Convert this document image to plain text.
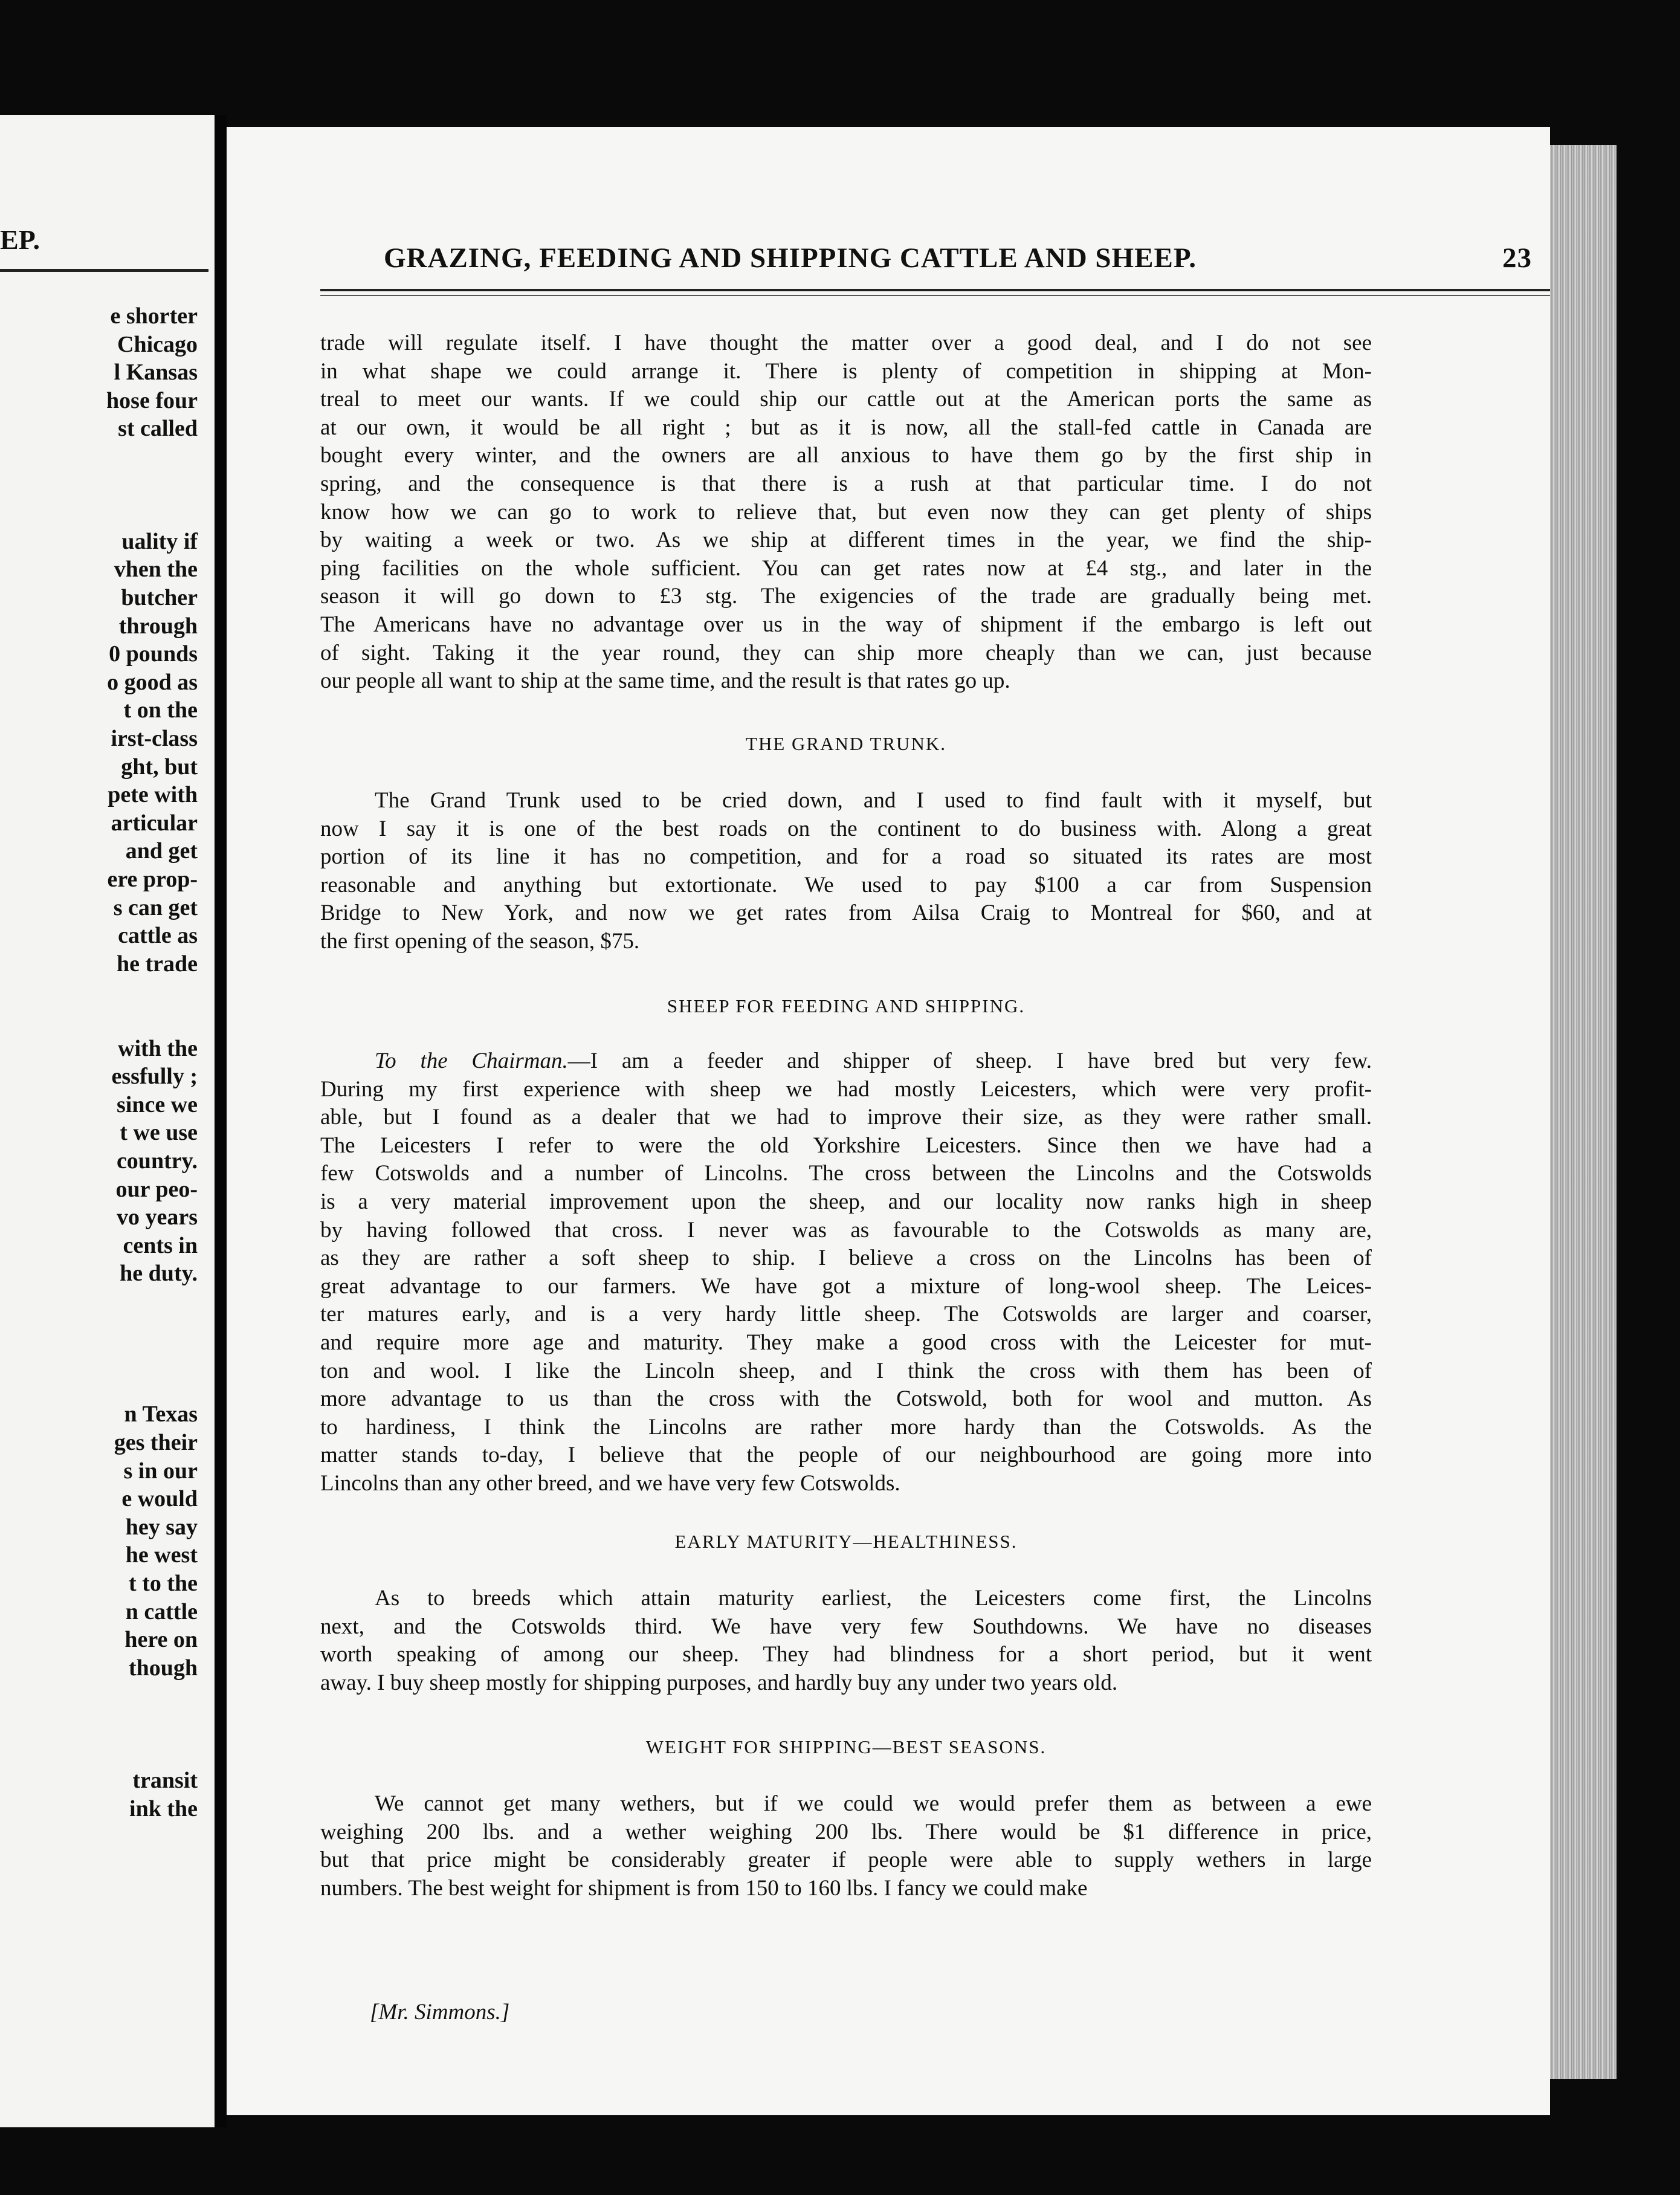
EP.
e shorter
Chicago
l Kansas
hose four
st called
uality if
vhen the
butcher
through
0 pounds
o good as
t on the
irst-class
ght, but
pete with
articular
and get
ere prop-
s can get
cattle as
he trade
with the
essfully ;
since we
t we use
country.
our peo-
vo years
cents in
he duty.
n Texas
ges their
s in our
e would
hey say
he west
t to the
n cattle
here on
though
transit
ink the
GRAZING, FEEDING AND SHIPPING CATTLE AND SHEEP.	23
trade will regulate itself. I have thought the matter over a good deal, and I do not see
in what shape we could arrange it. There is plenty of competition in shipping at Mon-
treal to meet our wants. If we could ship our cattle out at the American ports the same as
at our own, it would be all right ; but as it is now, all the stall-fed cattle in Canada are
bought every winter, and the owners are all anxious to have them go by the first ship in
spring, and the consequence is that there is a rush at that particular time. I do not
know how we can go to work to relieve that, but even now they can get plenty of ships
by waiting a week or two. As we ship at different times in the year, we find the ship-
ping facilities on the whole sufficient. You can get rates now at £4 stg., and later in the
season it will go down to £3 stg. The exigencies of the trade are gradually being met.
The Americans have no advantage over us in the way of shipment if the embargo is left out
of sight. Taking it the year round, they can ship more cheaply than we can, just because
our people all want to ship at the same time, and the result is that rates go up.
THE GRAND TRUNK.
The Grand Trunk used to be cried down, and I used to find fault with it myself, but
now I say it is one of the best roads on the continent to do business with. Along a great
portion of its line it has no competition, and for a road so situated its rates are most
reasonable and anything but extortionate. We used to pay $100 a car from Suspension
Bridge to New York, and now we get rates from Ailsa Craig to Montreal for $60, and at
the first opening of the season, $75.
SHEEP FOR FEEDING AND SHIPPING.
To the Chairman.—I am a feeder and shipper of sheep. I have bred but very few.
During my first experience with sheep we had mostly Leicesters, which were very profit-
able, but I found as a dealer that we had to improve their size, as they were rather small.
The Leicesters I refer to were the old Yorkshire Leicesters. Since then we have had a
few Cotswolds and a number of Lincolns. The cross between the Lincolns and the Cotswolds
is a very material improvement upon the sheep, and our locality now ranks high in sheep
by having followed that cross. I never was as favourable to the Cotswolds as many are,
as they are rather a soft sheep to ship. I believe a cross on the Lincolns has been of
great advantage to our farmers. We have got a mixture of long-wool sheep. The Leices-
ter matures early, and is a very hardy little sheep. The Cotswolds are larger and coarser,
and require more age and maturity. They make a good cross with the Leicester for mut-
ton and wool. I like the Lincoln sheep, and I think the cross with them has been of
more advantage to us than the cross with the Cotswold, both for wool and mutton. As
to hardiness, I think the Lincolns are rather more hardy than the Cotswolds. As the
matter stands to-day, I believe that the people of our neighbourhood are going more into
Lincolns than any other breed, and we have very few Cotswolds.
EARLY MATURITY—HEALTHINESS.
As to breeds which attain maturity earliest, the Leicesters come first, the Lincolns
next, and the Cotswolds third. We have very few Southdowns. We have no diseases
worth speaking of among our sheep. They had blindness for a short period, but it went
away. I buy sheep mostly for shipping purposes, and hardly buy any under two years old.
WEIGHT FOR SHIPPING—BEST SEASONS.
We cannot get many wethers, but if we could we would prefer them as between a ewe
weighing 200 lbs. and a wether weighing 200 lbs. There would be $1 difference in price,
but that price might be considerably greater if people were able to supply wethers in large
numbers. The best weight for shipment is from 150 to 160 lbs. I fancy we could make
[Mr. Simmons.]
